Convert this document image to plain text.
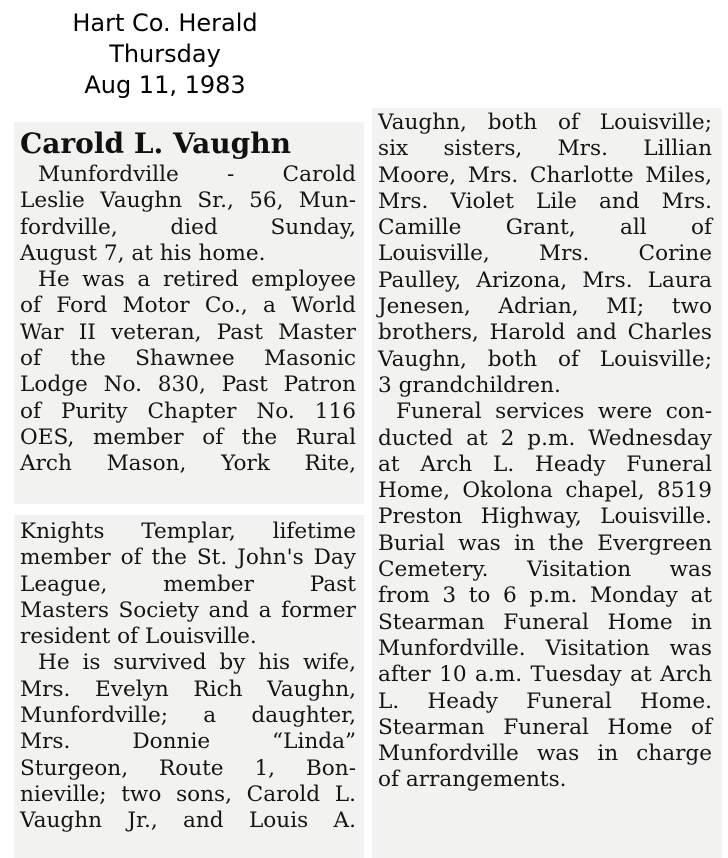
Hart Co. Herald
Thursday
Aug 11, 1983
Carold L. Vaughn
Munfordville - Carold
Leslie Vaughn Sr., 56, Mun-
fordville, died Sunday,
August 7, at his home.
He was a retired employee
of Ford Motor Co., a World
War II veteran, Past Master
of the Shawnee Masonic
Lodge No. 830, Past Patron
of Purity Chapter No. 116
OES, member of the Rural
Arch Mason, York Rite,
Knights Templar, lifetime
member of the St. John's Day
League, member Past
Masters Society and a former
resident of Louisville.
He is survived by his wife,
Mrs. Evelyn Rich Vaughn,
Munfordville; a daughter,
Mrs. Donnie “Linda”
Sturgeon, Route 1, Bon-
nieville; two sons, Carold L.
Vaughn Jr., and Louis A.
Vaughn, both of Louisville;
six sisters, Mrs. Lillian
Moore, Mrs. Charlotte Miles,
Mrs. Violet Lile and Mrs.
Camille Grant, all of
Louisville, Mrs. Corine
Paulley, Arizona, Mrs. Laura
Jenesen, Adrian, MI; two
brothers, Harold and Charles
Vaughn, both of Louisville;
3 grandchildren.
Funeral services were con-
ducted at 2 p.m. Wednesday
at Arch L. Heady Funeral
Home, Okolona chapel, 8519
Preston Highway, Louisville.
Burial was in the Evergreen
Cemetery. Visitation was
from 3 to 6 p.m. Monday at
Stearman Funeral Home in
Munfordville. Visitation was
after 10 a.m. Tuesday at Arch
L. Heady Funeral Home.
Stearman Funeral Home of
Munfordville was in charge
of arrangements.
